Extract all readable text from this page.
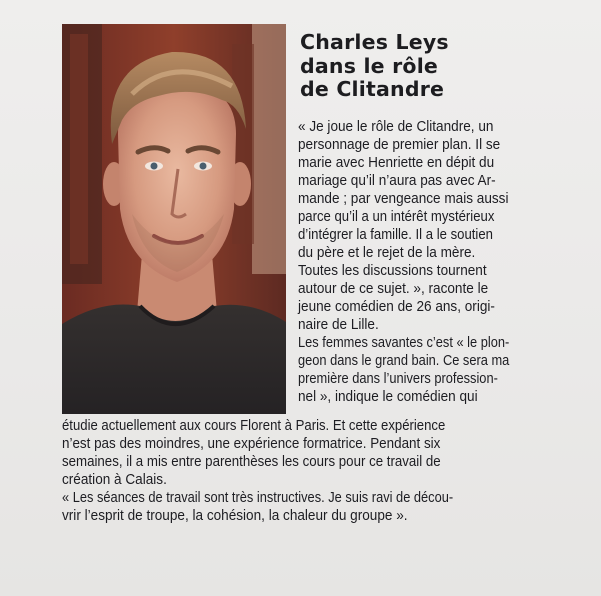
Charles Leys
dans le rôle
de Clitandre
« Je joue le rôle de Clitandre, un
personnage de premier plan. Il se
marie avec Henriette en dépit du
mariage qu’il n’aura pas avec Ar-
mande ; par vengeance mais aussi
parce qu’il a un intérêt mystérieux
d’intégrer la famille. Il a le soutien
du père et le rejet de la mère.
Toutes les discussions tournent
autour de ce sujet. », raconte le
jeune comédien de 26 ans, origi-
naire de Lille.
Les femmes savantes c’est « le plon-
geon dans le grand bain. Ce sera ma
première dans l’univers profession-
nel », indique le comédien qui
étudie actuellement aux cours Florent à Paris. Et cette expérience
n’est pas des moindres, une expérience formatrice. Pendant six
semaines, il a mis entre parenthèses les cours pour ce travail de
création à Calais.
« Les séances de travail sont très instructives. Je suis ravi de décou-
vrir l’esprit de troupe, la cohésion, la chaleur du groupe ».
